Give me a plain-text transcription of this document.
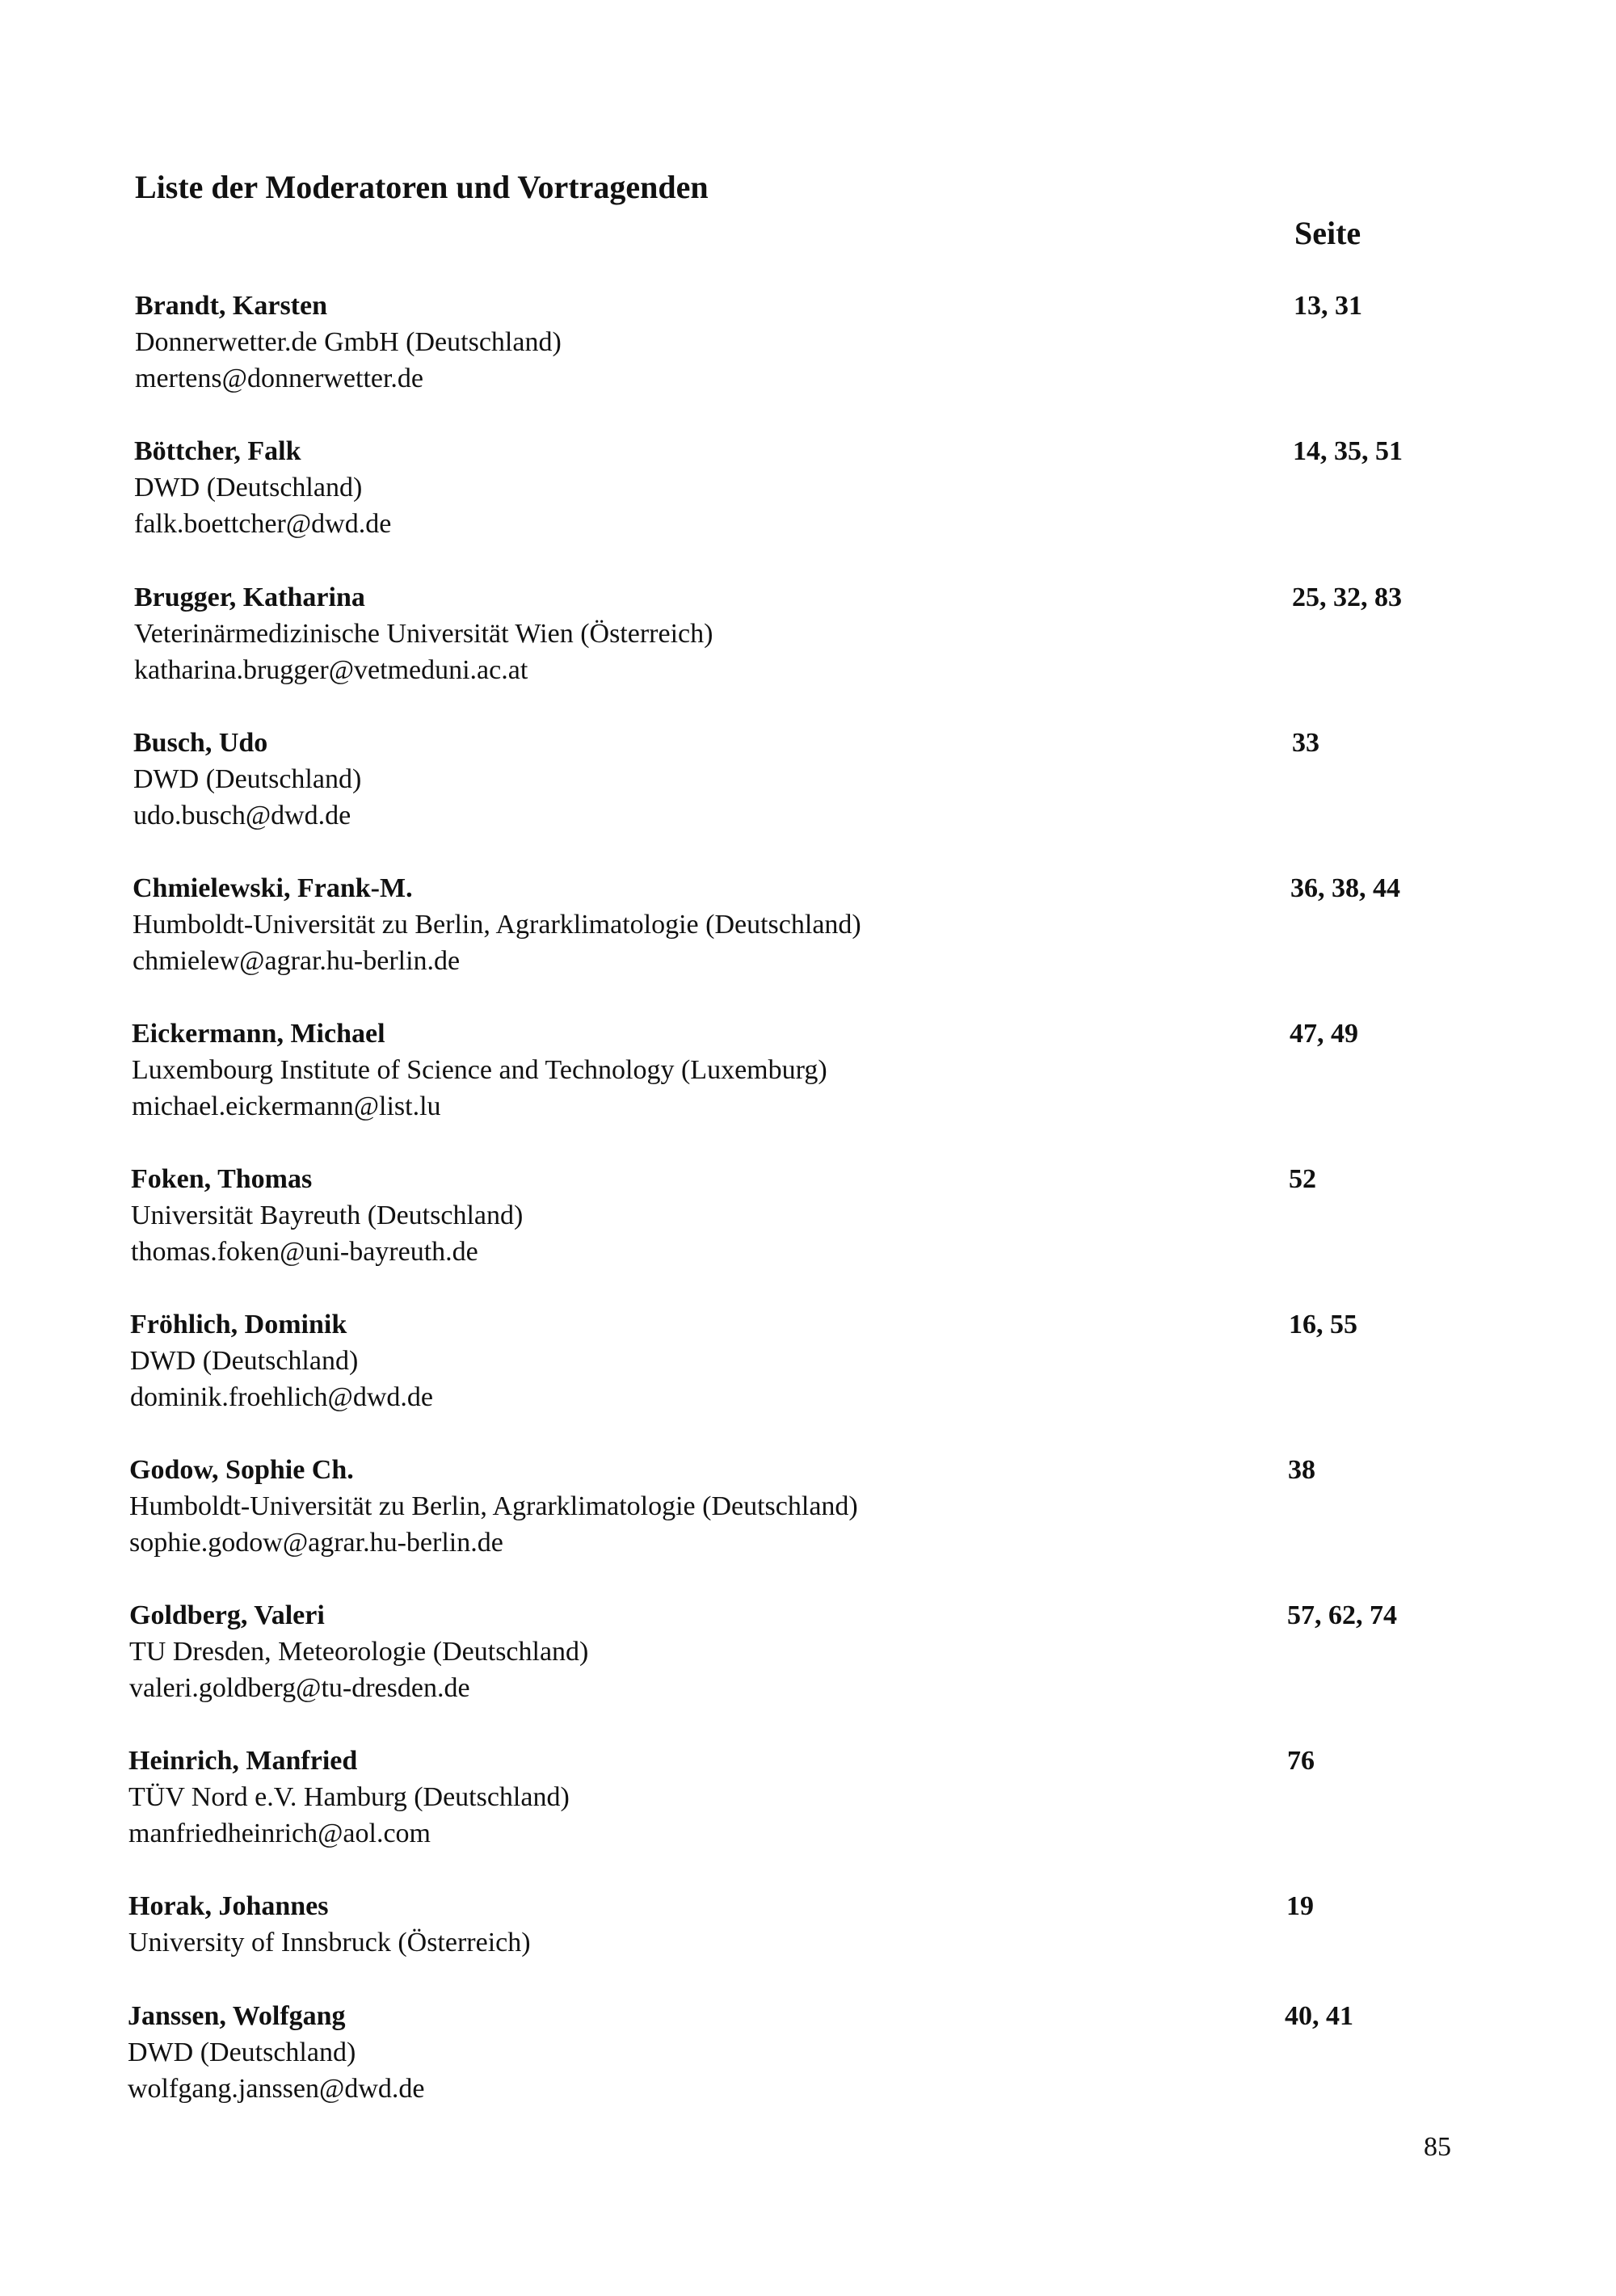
Liste der Moderatoren und Vortragenden
Seite
Brandt, Karsten
Donnerwetter.de GmbH (Deutschland)
mertens@donnerwetter.de
13, 31
Böttcher, Falk
DWD (Deutschland)
falk.boettcher@dwd.de
14, 35, 51
Brugger, Katharina
Veterinärmedizinische Universität Wien (Österreich)
katharina.brugger@vetmeduni.ac.at
25, 32, 83
Busch, Udo
DWD (Deutschland)
udo.busch@dwd.de
33
Chmielewski, Frank-M.
Humboldt-Universität zu Berlin, Agrarklimatologie (Deutschland)
chmielew@agrar.hu-berlin.de
36, 38, 44
Eickermann, Michael
Luxembourg Institute of Science and Technology (Luxemburg)
michael.eickermann@list.lu
47, 49
Foken, Thomas
Universität Bayreuth (Deutschland)
thomas.foken@uni-bayreuth.de
52
Fröhlich, Dominik
DWD (Deutschland)
dominik.froehlich@dwd.de
16, 55
Godow, Sophie Ch.
Humboldt-Universität zu Berlin, Agrarklimatologie (Deutschland)
sophie.godow@agrar.hu-berlin.de
38
Goldberg, Valeri
TU Dresden, Meteorologie (Deutschland)
valeri.goldberg@tu-dresden.de
57, 62, 74
Heinrich, Manfried
TÜV Nord e.V. Hamburg (Deutschland)
manfriedheinrich@aol.com
76
Horak, Johannes
University of Innsbruck (Österreich)
19
Janssen, Wolfgang
DWD (Deutschland)
wolfgang.janssen@dwd.de
40, 41
85
